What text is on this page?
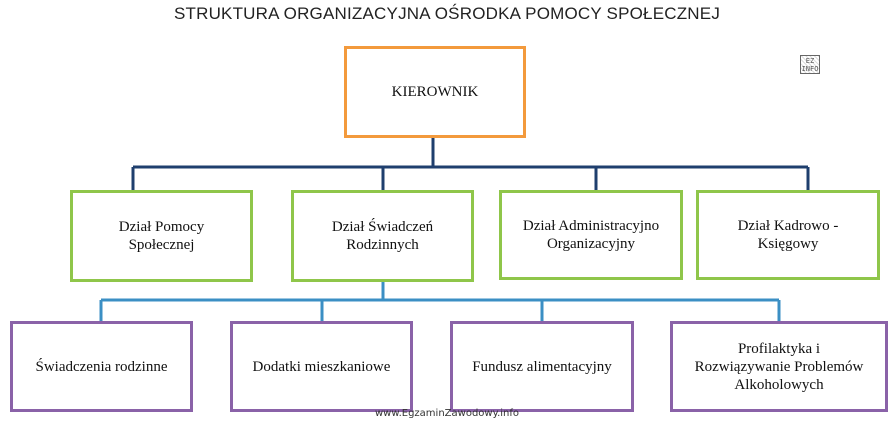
STRUKTURA ORGANIZACYJNA OŚRODKA POMOCY SPOŁECZNEJ
KIEROWNIK
Dział Pomocy
Społecznej
Dział Świadczeń
Rodzinnych
Dział Administracyjno
Organizacyjny
Dział Kadrowo -
Księgowy
Świadczenia rodzinne	Dodatki mieszkaniowe	Fundusz alimentacyjny
Profilaktyka i
Rozwiązywanie Problemów
Alkoholowych
EZ
INFO
www.EgzaminZawodowy.info
